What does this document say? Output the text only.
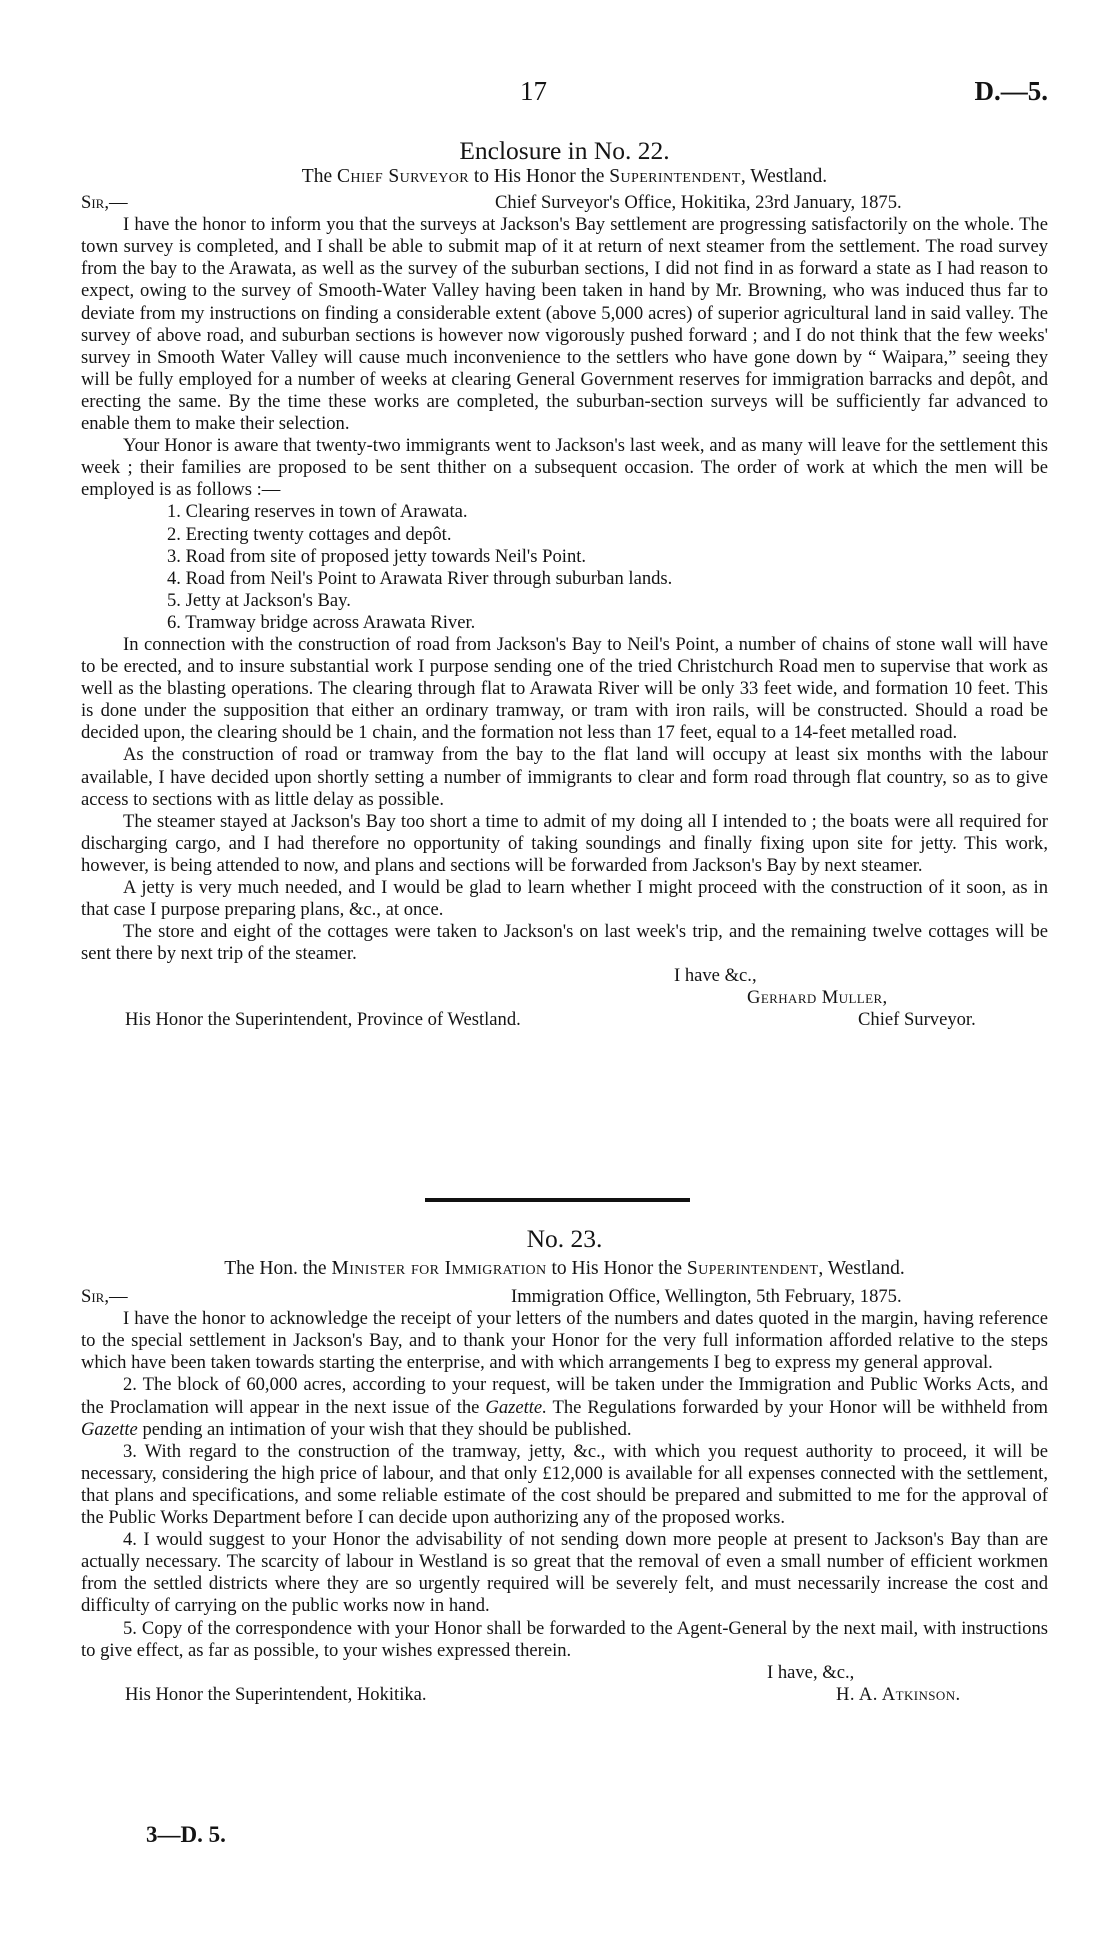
17	D.—5.
Enclosure in No. 22.
The Chief Surveyor to His Honor the Superintendent, Westland.
Sir,—	Chief Surveyor's Office, Hokitika, 23rd January, 1875.

I have the honor to inform you that the surveys at Jackson's Bay settlement are progressing satisfactorily on the whole. The town survey is completed, and I shall be able to submit map of it at return of next steamer from the settlement. The road survey from the bay to the Arawata, as well as the survey of the suburban sections, I did not find in as forward a state as I had reason to expect, owing to the survey of Smooth-Water Valley having been taken in hand by Mr. Browning, who was induced thus far to deviate from my instructions on finding a considerable extent (above 5,000 acres) of superior agricultural land in said valley. The survey of above road, and suburban sections is however now vigorously pushed forward ; and I do not think that the few weeks' survey in Smooth Water Valley will cause much inconvenience to the settlers who have gone down by “ Waipara,” seeing they will be fully employed for a number of weeks at clearing General Government reserves for immigration barracks and depôt, and erecting the same. By the time these works are completed, the suburban-section surveys will be sufficiently far advanced to enable them to make their selection.

Your Honor is aware that twenty-two immigrants went to Jackson's last week, and as many will leave for the settlement this week ; their families are proposed to be sent thither on a subsequent occasion. The order of work at which the men will be employed is as follows :—

1. Clearing reserves in town of Arawata.
2. Erecting twenty cottages and depôt.
3. Road from site of proposed jetty towards Neil's Point.
4. Road from Neil's Point to Arawata River through suburban lands.
5. Jetty at Jackson's Bay.
6. Tramway bridge across Arawata River.

In connection with the construction of road from Jackson's Bay to Neil's Point, a number of chains of stone wall will have to be erected, and to insure substantial work I purpose sending one of the tried Christchurch Road men to supervise that work as well as the blasting operations. The clearing through flat to Arawata River will be only 33 feet wide, and formation 10 feet. This is done under the supposition that either an ordinary tramway, or tram with iron rails, will be constructed. Should a road be decided upon, the clearing should be 1 chain, and the formation not less than 17 feet, equal to a 14-feet metalled road.

As the construction of road or tramway from the bay to the flat land will occupy at least six months with the labour available, I have decided upon shortly setting a number of immigrants to clear and form road through flat country, so as to give access to sections with as little delay as possible.

The steamer stayed at Jackson's Bay too short a time to admit of my doing all I intended to ; the boats were all required for discharging cargo, and I had therefore no opportunity of taking soundings and finally fixing upon site for jetty. This work, however, is being attended to now, and plans and sections will be forwarded from Jackson's Bay by next steamer.

A jetty is very much needed, and I would be glad to learn whether I might proceed with the construction of it soon, as in that case I purpose preparing plans, &c., at once.

The store and eight of the cottages were taken to Jackson's on last week's trip, and the remaining twelve cottages will be sent there by next trip of the steamer.

I have &c.,
Gerhard Muller,
His Honor the Superintendent, Province of Westland.	Chief Surveyor.
No. 23.
The Hon. the Minister for Immigration to His Honor the Superintendent, Westland.
Sir,—	Immigration Office, Wellington, 5th February, 1875.

I have the honor to acknowledge the receipt of your letters of the numbers and dates quoted in the margin, having reference to the special settlement in Jackson's Bay, and to thank your Honor for the very full information afforded relative to the steps which have been taken towards starting the enterprise, and with which arrangements I beg to express my general approval.

2. The block of 60,000 acres, according to your request, will be taken under the Immigration and Public Works Acts, and the Proclamation will appear in the next issue of the Gazette. The Regulations forwarded by your Honor will be withheld from Gazette pending an intimation of your wish that they should be published.

3. With regard to the construction of the tramway, jetty, &c., with which you request authority to proceed, it will be necessary, considering the high price of labour, and that only £12,000 is available for all expenses connected with the settlement, that plans and specifications, and some reliable estimate of the cost should be prepared and submitted to me for the approval of the Public Works Department before I can decide upon authorizing any of the proposed works.

4. I would suggest to your Honor the advisability of not sending down more people at present to Jackson's Bay than are actually necessary. The scarcity of labour in Westland is so great that the removal of even a small number of efficient workmen from the settled districts where they are so urgently required will be severely felt, and must necessarily increase the cost and difficulty of carrying on the public works now in hand.

5. Copy of the correspondence with your Honor shall be forwarded to the Agent-General by the next mail, with instructions to give effect, as far as possible, to your wishes expressed therein.

I have, &c.,
His Honor the Superintendent, Hokitika.	H. A. Atkinson.
3—D. 5.
